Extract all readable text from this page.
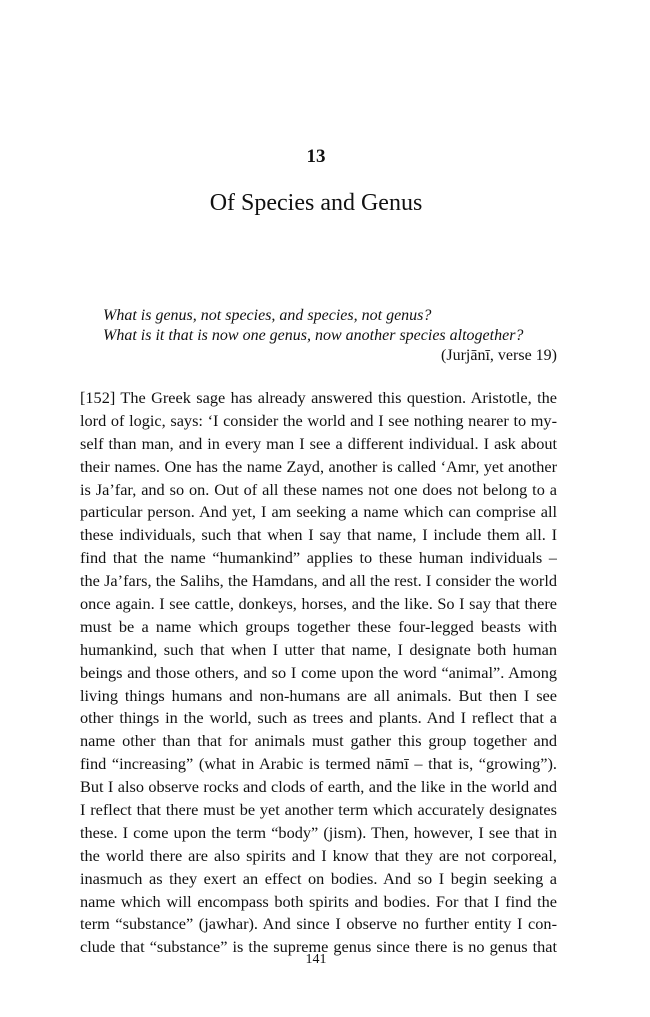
13
Of Species and Genus
What is genus, not species, and species, not genus?
What is it that is now one genus, now another species altogether?
(Jurjānī, verse 19)
[152] The Greek sage has already answered this question. Aristotle, the
lord of logic, says: ‘I consider the world and I see nothing nearer to my-
self than man, and in every man I see a different individual. I ask about
their names. One has the name Zayd, another is called ‘Amr, yet another
is Ja’far, and so on. Out of all these names not one does not belong to a
particular person. And yet, I am seeking a name which can comprise all
these individuals, such that when I say that name, I include them all. I
find that the name “humankind” applies to these human individuals –
the Ja’fars, the Salihs, the Hamdans, and all the rest. I consider the world
once again. I see cattle, donkeys, horses, and the like. So I say that there
must be a name which groups together these four-legged beasts with
humankind, such that when I utter that name, I designate both human
beings and those others, and so I come upon the word “animal”. Among
living things humans and non-humans are all animals. But then I see
other things in the world, such as trees and plants. And I reflect that a
name other than that for animals must gather this group together and
find “increasing” (what in Arabic is termed nāmī – that is, “growing”).
But I also observe rocks and clods of earth, and the like in the world and
I reflect that there must be yet another term which accurately designates
these. I come upon the term “body” (jism). Then, however, I see that in
the world there are also spirits and I know that they are not corporeal,
inasmuch as they exert an effect on bodies. And so I begin seeking a
name which will encompass both spirits and bodies. For that I find the
term “substance” (jawhar). And since I observe no further entity I con-
clude that “substance” is the supreme genus since there is no genus that
141
